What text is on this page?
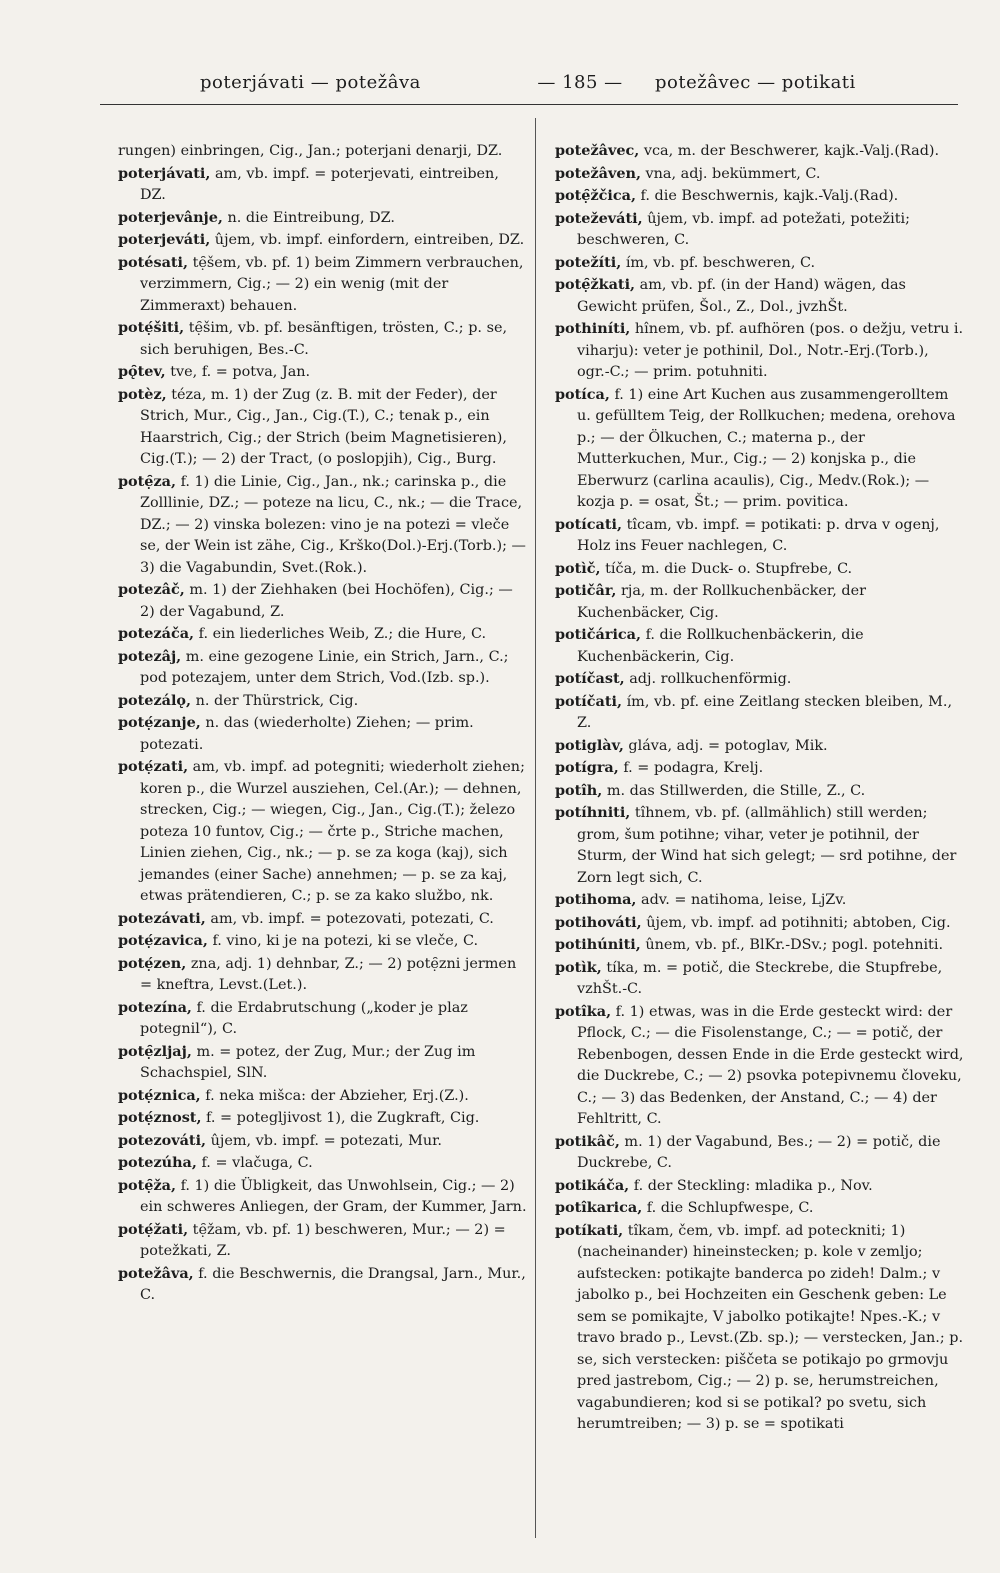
poterjávati — potežâva	— 185 —	potežâvec — potikati

rungen) einbringen, Cig., Jan.; poterjani denarji, DZ.

poterjávati, am, vb. impf. = poterjevati, eintreiben, DZ.

poterjevânje, n. die Eintreibung, DZ.

poterjeváti, ûjem, vb. impf. einfordern, eintreiben, DZ.

potésati, tẹ̑šem, vb. pf. 1) beim Zimmern verbrauchen, verzimmern, Cig.; — 2) ein wenig (mit der Zimmeraxt) behauen.

potẹ́šiti, tẹ̑šim, vb. pf. besänftigen, trösten, C.; p. se, sich beruhigen, Bes.-C.

pǫ̑tev, tve, f. = potva, Jan.

potèz, téza, m. 1) der Zug (z. B. mit der Feder), der Strich, Mur., Cig., Jan., Cig.(T.), C.; tenak p., ein Haarstrich, Cig.; der Strich (beim Magnetisieren), Cig.(T.); — 2) der Tract, (o poslopjih), Cig., Burg.

potẹ̑za, f. 1) die Linie, Cig., Jan., nk.; carinska p., die Zolllinie, DZ.; — poteze na licu, C., nk.; — die Trace, DZ.; — 2) vinska bolezen: vino je na potezi = vleče se, der Wein ist zähe, Cig., Krško(Dol.)-Erj.(Torb.); — 3) die Vagabundin, Svet.(Rok.).

potezâč, m. 1) der Ziehhaken (bei Hochöfen), Cig.; — 2) der Vagabund, Z.

potezáča, f. ein liederliches Weib, Z.; die Hure, C.

potezâj, m. eine gezogene Linie, ein Strich, Jarn., C.; pod potezajem, unter dem Strich, Vod.(Izb. sp.).

potezálǫ, n. der Thürstrick, Cig.

potẹ́zanje, n. das (wiederholte) Ziehen; — prim. potezati.

potẹ́zati, am, vb. impf. ad potegniti; wiederholt ziehen; koren p., die Wurzel ausziehen, Cel.(Ar.); — dehnen, strecken, Cig.; — wiegen, Cig., Jan., Cig.(T.); železo poteza 10 funtov, Cig.; — črte p., Striche machen, Linien ziehen, Cig., nk.; — p. se za koga (kaj), sich jemandes (einer Sache) annehmen; — p. se za kaj, etwas prätendieren, C.; p. se za kako službo, nk.

potezávati, am, vb. impf. = potezovati, potezati, C.

potẹ́zavica, f. vino, ki je na potezi, ki se vleče, C.

potẹ́zen, zna, adj. 1) dehnbar, Z.; — 2) potẹ̑zni jermen = kneftra, Levst.(Let.).

potezína, f. die Erdabrutschung („koder je plaz potegnil“), C.

potẹ̑zljaj, m. = potez, der Zug, Mur.; der Zug im Schachspiel, SlN.

potẹ́znica, f. neka mišca: der Abzieher, Erj.(Z.).

potẹ́znost, f. = potegljivost 1), die Zugkraft, Cig.

potezováti, ûjem, vb. impf. = potezati, Mur.

potezúha, f. = vlačuga, C.

potẹ̑ža, f. 1) die Übligkeit, das Unwohlsein, Cig.; — 2) ein schweres Anliegen, der Gram, der Kummer, Jarn.

potẹ́žati, tẹ̑žam, vb. pf. 1) beschweren, Mur.; — 2) = potežkati, Z.

potežâva, f. die Beschwernis, die Drangsal, Jarn., Mur., C.

potežâvec, vca, m. der Beschwerer, kajk.-Valj.(Rad).

potežâven, vna, adj. bekümmert, C.

potẹ̑žčica, f. die Beschwernis, kajk.-Valj.(Rad).

poteževáti, ûjem, vb. impf. ad potežati, potežiti; beschweren, C.

potežíti, ím, vb. pf. beschweren, C.

potẹ̑žkati, am, vb. pf. (in der Hand) wägen, das Gewicht prüfen, Šol., Z., Dol., jvzhŠt.

pothiníti, hînem, vb. pf. aufhören (pos. o dežju, vetru i. viharju): veter je pothinil, Dol., Notr.-Erj.(Torb.), ogr.-C.; — prim. potuhniti.

potíca, f. 1) eine Art Kuchen aus zusammengerolltem u. gefülltem Teig, der Rollkuchen; medena, orehova p.; — der Ölkuchen, C.; materna p., der Mutterkuchen, Mur., Cig.; — 2) konjska p., die Eberwurz (carlina acaulis), Cig., Medv.(Rok.); — kozja p. = osat, Št.; — prim. povitica.

potícati, tîcam, vb. impf. = potikati: p. drva v ogenj, Holz ins Feuer nachlegen, C.

potìč, tíča, m. die Duck- o. Stupfrebe, C.

potičâr, rja, m. der Rollkuchenbäcker, der Kuchenbäcker, Cig.

potičárica, f. die Rollkuchenbäckerin, die Kuchenbäckerin, Cig.

potíčast, adj. rollkuchenförmig.

potíčati, ím, vb. pf. eine Zeitlang stecken bleiben, M., Z.

potiglàv, gláva, adj. = potoglav, Mik.

potígra, f. = podagra, Krelj.

potîh, m. das Stillwerden, die Stille, Z., C.

potíhniti, tîhnem, vb. pf. (allmählich) still werden; grom, šum potihne; vihar, veter je potihnil, der Sturm, der Wind hat sich gelegt; — srd potihne, der Zorn legt sich, C.

potihoma, adv. = natihoma, leise, LjZv.

potihováti, ûjem, vb. impf. ad potihniti; abtoben, Cig.

potihúniti, ûnem, vb. pf., BlKr.-DSv.; pogl. potehniti.

potìk, tíka, m. = potič, die Steckrebe, die Stupfrebe, vzhŠt.-C.

potîka, f. 1) etwas, was in die Erde gesteckt wird: der Pflock, C.; — die Fisolenstange, C.; — = potič, der Rebenbogen, dessen Ende in die Erde gesteckt wird, die Duckrebe, C.; — 2) psovka potepivnemu človeku, C.; — 3) das Bedenken, der Anstand, C.; — 4) der Fehltritt, C.

potikâč, m. 1) der Vagabund, Bes.; — 2) = potič, die Duckrebe, C.

potikáča, f. der Steckling: mladika p., Nov.

potîkarica, f. die Schlupfwespe, C.

potíkati, tîkam, čem, vb. impf. ad poteckniti; 1) (nacheinander) hineinstecken; p. kole v zemljo; aufstecken: potikajte banderca po zideh! Dalm.; v jabolko p., bei Hochzeiten ein Geschenk geben: Le sem se pomikajte, V jabolko potikajte! Npes.-K.; v travo brado p., Levst.(Zb. sp.); — verstecken, Jan.; p. se, sich verstecken: piščeta se potikajo po grmovju pred jastrebom, Cig.; — 2) p. se, herumstreichen, vagabundieren; kod si se potikal? po svetu, sich herumtreiben; — 3) p. se = spotikati
